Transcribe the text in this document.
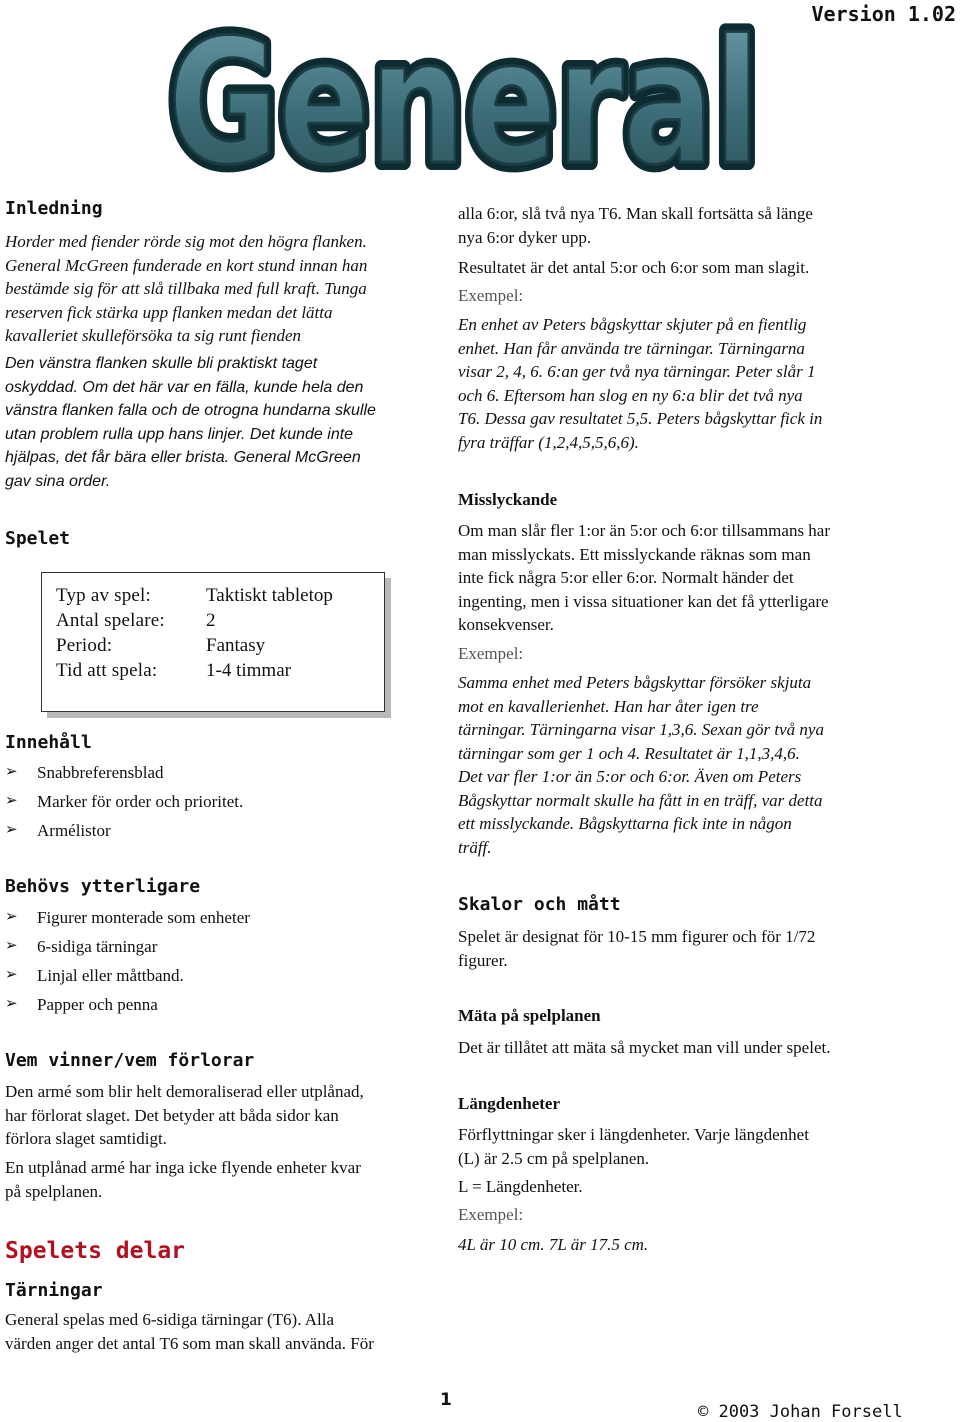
Version 1.02
General
General
Inledning
Horder med fiender rörde sig mot den högra flanken.
General McGreen funderade en kort stund innan han
bestämde sig för att slå tillbaka med full kraft. Tunga
reserven fick stärka upp flanken medan det lätta
kavalleriet skulleförsöka ta sig runt fienden
Den vänstra flanken skulle bli praktiskt taget
oskyddad. Om det här var en fälla, kunde hela den
vänstra flanken falla och de otrogna hundarna skulle
utan problem rulla upp hans linjer. Det kunde inte
hjälpas, det får bära eller brista. General McGreen
gav sina order.
Spelet
Typ av spel:	Taktiskt tabletop
Antal spelare: 2
Period:	Fantasy
Tid att spela:	1-4 timmar
Innehåll
➢ Snabbreferensblad
➢ Marker för order och prioritet.
➢ Armélistor
Behövs ytterligare
➢ Figurer monterade som enheter
➢ 6-sidiga tärningar
➢ Linjal eller måttband.
➢ Papper och penna
Vem vinner/vem förlorar
Den armé som blir helt demoraliserad eller utplånad,
har förlorat slaget. Det betyder att båda sidor kan
förlora slaget samtidigt.
En utplånad armé har inga icke flyende enheter kvar
på spelplanen.
Spelets delar
Tärningar
General spelas med 6-sidiga tärningar (T6). Alla
värden anger det antal T6 som man skall använda. För
alla 6:or, slå två nya T6. Man skall fortsätta så länge
nya 6:or dyker upp.
Resultatet är det antal 5:or och 6:or som man slagit.
Exempel:
En enhet av Peters bågskyttar skjuter på en fientlig
enhet. Han får använda tre tärningar. Tärningarna
visar 2, 4, 6. 6:an ger två nya tärningar. Peter slår 1
och 6. Eftersom han slog en ny 6:a blir det två nya
T6. Dessa gav resultatet 5,5. Peters bågskyttar fick in
fyra träffar (1,2,4,5,5,6,6).
Misslyckande
Om man slår fler 1:or än 5:or och 6:or tillsammans har
man misslyckats. Ett misslyckande räknas som man
inte fick några 5:or eller 6:or. Normalt händer det
ingenting, men i vissa situationer kan det få ytterligare
konsekvenser.
Exempel:
Samma enhet med Peters bågskyttar försöker skjuta
mot en kavallerienhet. Han har åter igen tre
tärningar. Tärningarna visar 1,3,6. Sexan gör två nya
tärningar som ger 1 och 4. Resultatet är 1,1,3,4,6.
Det var fler 1:or än 5:or och 6:or. Även om Peters
Bågskyttar normalt skulle ha fått in en träff, var detta
ett misslyckande. Bågskyttarna fick inte in någon
träff.
Skalor och mått
Spelet är designat för 10-15 mm figurer och för 1/72
figurer.
Mäta på spelplanen
Det är tillåtet att mäta så mycket man vill under spelet.
Längdenheter
Förflyttningar sker i längdenheter. Varje längdenhet
(L) är 2.5 cm på spelplanen.
L = Längdenheter.
Exempel:
4L är 10 cm. 7L är 17.5 cm.
1
© 2003 Johan Forsell
